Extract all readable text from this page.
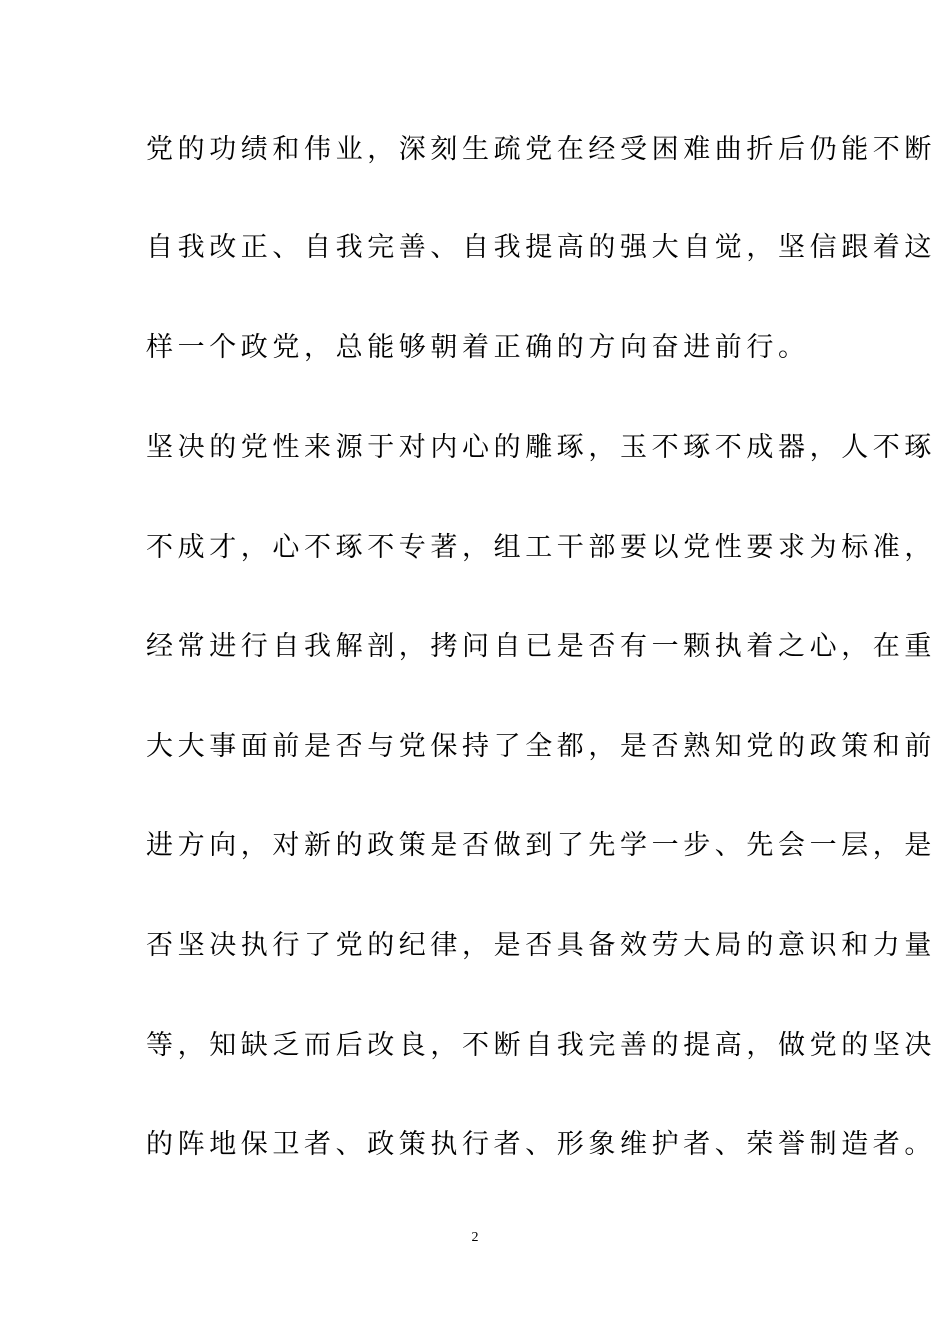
党的功绩和伟业，深刻生疏党在经受困难曲折后仍能不断
自我改正、自我完善、自我提高的强大自觉，坚信跟着这
样一个政党，总能够朝着正确的方向奋进前行。
坚决的党性来源于对内心的雕琢，玉不琢不成器，人不琢
不成才，心不琢不专著，组工干部要以党性要求为标准，
经常进行自我解剖，拷问自已是否有一颗执着之心，在重
大大事面前是否与党保持了全都，是否熟知党的政策和前
进方向，对新的政策是否做到了先学一步、先会一层，是
否坚决执行了党的纪律，是否具备效劳大局的意识和力量
等，知缺乏而后改良，不断自我完善的提高，做党的坚决
的阵地保卫者、政策执行者、形象维护者、荣誉制造者。
2
